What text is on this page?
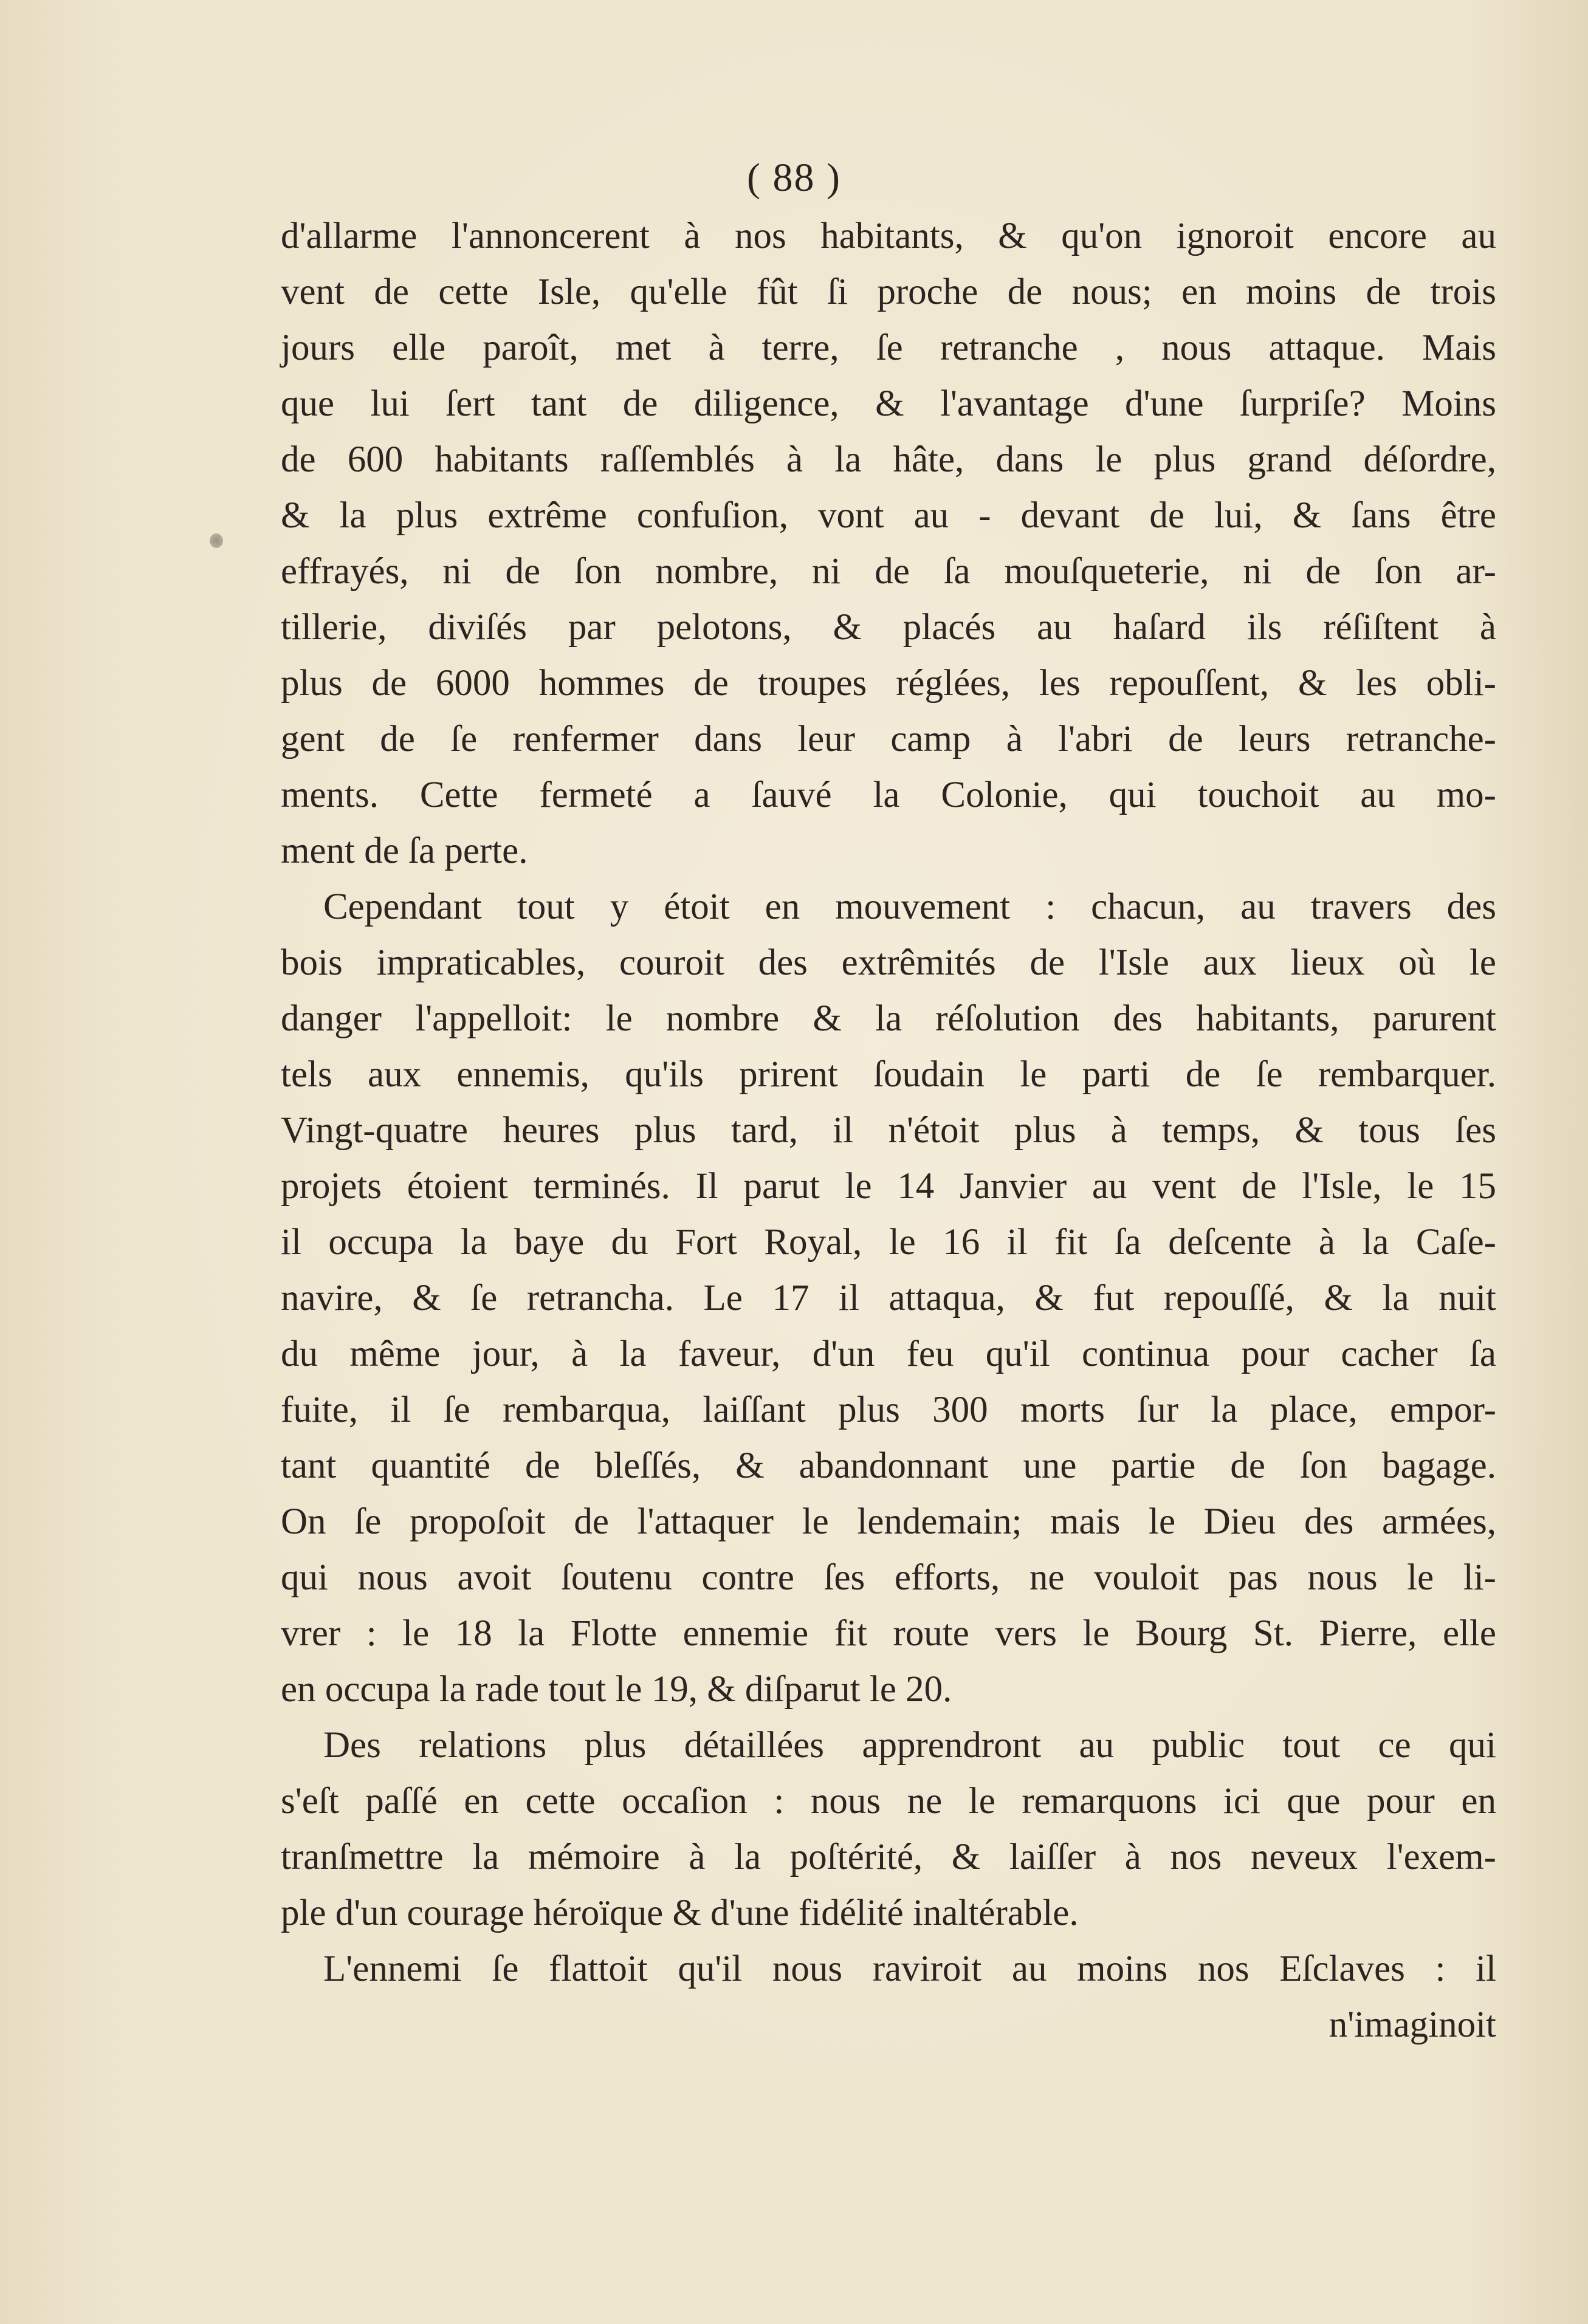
( 88 )
d'allarme l'annoncerent à nos habitants, & qu'on ignoroit encore au
vent de cette Isle, qu'elle fût ſi proche de nous; en moins de trois
jours elle paroît, met à terre, ſe retranche , nous attaque. Mais
que lui ſert tant de diligence, & l'avantage d'une ſurpriſe? Moins
de 600 habitants raſſemblés à la hâte, dans le plus grand déſordre,
& la plus extrême confuſion, vont au - devant de lui, & ſans être
effrayés, ni de ſon nombre, ni de ſa mouſqueterie, ni de ſon ar-
tillerie, diviſés par pelotons, & placés au haſard ils réſiſtent à
plus de 6000 hommes de troupes réglées, les repouſſent, & les obli-
gent de ſe renfermer dans leur camp à l'abri de leurs retranche-
ments. Cette fermeté a ſauvé la Colonie, qui touchoit au mo-
ment de ſa perte.
Cependant tout y étoit en mouvement : chacun, au travers des
bois impraticables, couroit des extrêmités de l'Isle aux lieux où le
danger l'appelloit: le nombre & la réſolution des habitants, parurent
tels aux ennemis, qu'ils prirent ſoudain le parti de ſe rembarquer.
Vingt-quatre heures plus tard, il n'étoit plus à temps, & tous ſes
projets étoient terminés. Il parut le 14 Janvier au vent de l'Isle, le 15
il occupa la baye du Fort Royal, le 16 il fit ſa deſcente à la Caſe-
navire, & ſe retrancha. Le 17 il attaqua, & fut repouſſé, & la nuit
du même jour, à la faveur, d'un feu qu'il continua pour cacher ſa
fuite, il ſe rembarqua, laiſſant plus 300 morts ſur la place, empor-
tant quantité de bleſſés, & abandonnant une partie de ſon bagage.
On ſe propoſoit de l'attaquer le lendemain; mais le Dieu des armées,
qui nous avoit ſoutenu contre ſes efforts, ne vouloit pas nous le li-
vrer : le 18 la Flotte ennemie fit route vers le Bourg St. Pierre, elle
en occupa la rade tout le 19, & diſparut le 20.
Des relations plus détaillées apprendront au public tout ce qui
s'eſt paſſé en cette occaſion : nous ne le remarquons ici que pour en
tranſmettre la mémoire à la poſtérité, & laiſſer à nos neveux l'exem-
ple d'un courage héroïque & d'une fidélité inaltérable.
L'ennemi ſe flattoit qu'il nous raviroit au moins nos Eſclaves : il
n'imaginoit
